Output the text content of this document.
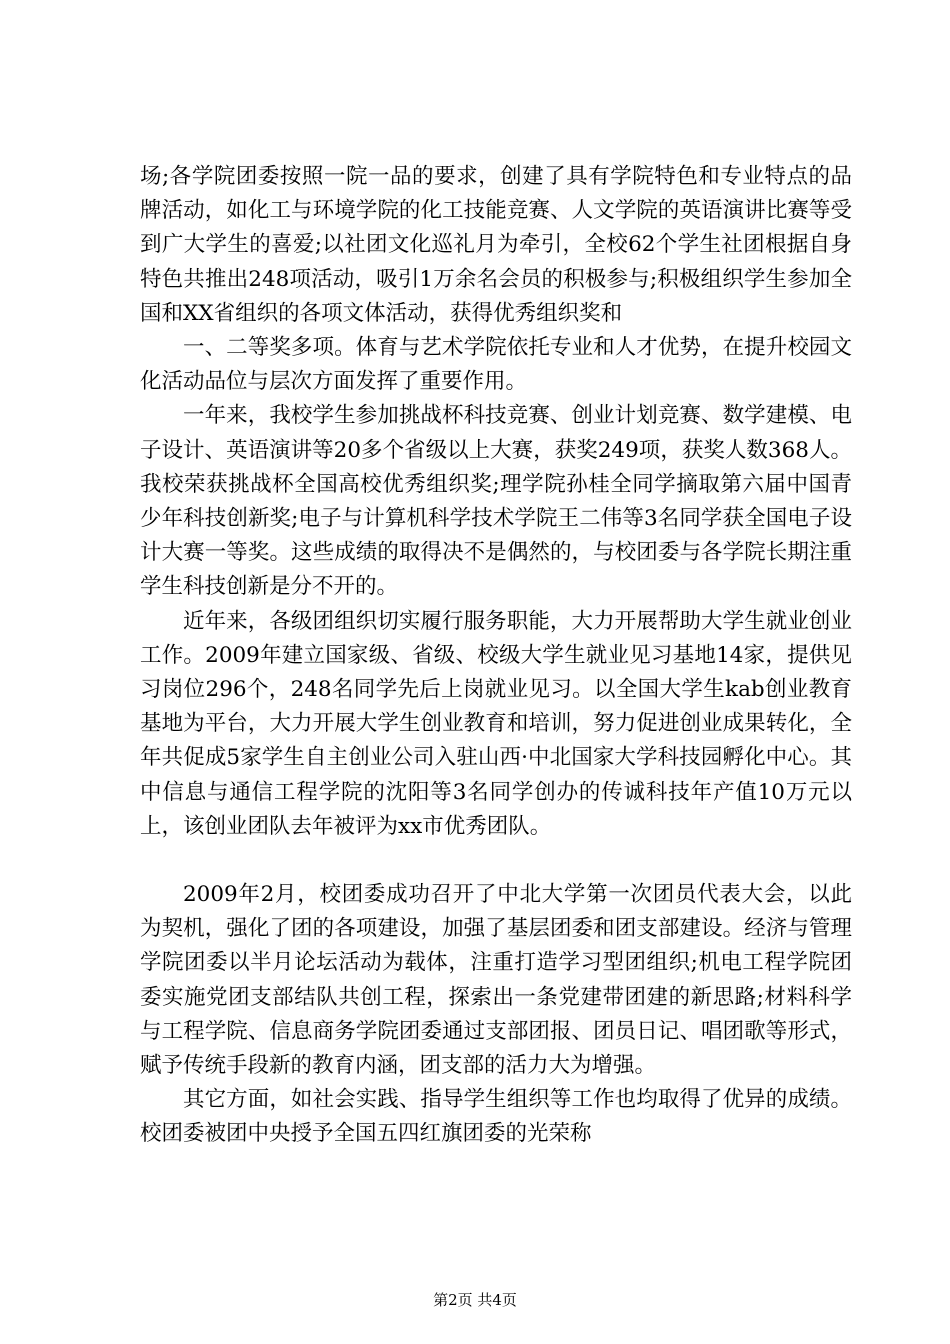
场;各学院团委按照一院一品的要求，创建了具有学院特色和专业特点的品牌活动，如化工与环境学院的化工技能竞赛、人文学院的英语演讲比赛等受到广大学生的喜爱;以社团文化巡礼月为牵引，全校62个学生社团根据自身特色共推出248项活动，吸引1万余名会员的积极参与;积极组织学生参加全国和XX省组织的各项文体活动，获得优秀组织奖和

一、二等奖多项。体育与艺术学院依托专业和人才优势，在提升校园文化活动品位与层次方面发挥了重要作用。

一年来，我校学生参加挑战杯科技竞赛、创业计划竞赛、数学建模、电子设计、英语演讲等20多个省级以上大赛，获奖249项，获奖人数368人。我校荣获挑战杯全国高校优秀组织奖;理学院孙桂全同学摘取第六届中国青少年科技创新奖;电子与计算机科学技术学院王二伟等3名同学获全国电子设计大赛一等奖。这些成绩的取得决不是偶然的，与校团委与各学院长期注重学生科技创新是分不开的。

近年来，各级团组织切实履行服务职能，大力开展帮助大学生就业创业工作。2009年建立国家级、省级、校级大学生就业见习基地14家，提供见习岗位296个，248名同学先后上岗就业见习。以全国大学生kab创业教育基地为平台，大力开展大学生创业教育和培训，努力促进创业成果转化，全年共促成5家学生自主创业公司入驻山西·中北国家大学科技园孵化中心。其中信息与通信工程学院的沈阳等3名同学创办的传诚科技年产值10万元以上，该创业团队去年被评为xx市优秀团队。

2009年2月，校团委成功召开了中北大学第一次团员代表大会，以此为契机，强化了团的各项建设，加强了基层团委和团支部建设。经济与管理学院团委以半月论坛活动为载体，注重打造学习型团组织;机电工程学院团委实施党团支部结队共创工程，探索出一条党建带团建的新思路;材料科学与工程学院、信息商务学院团委通过支部团报、团员日记、唱团歌等形式，赋予传统手段新的教育内涵，团支部的活力大为增强。

其它方面，如社会实践、指导学生组织等工作也均取得了优异的成绩。校团委被团中央授予全国五四红旗团委的光荣称

第2页 共4页
